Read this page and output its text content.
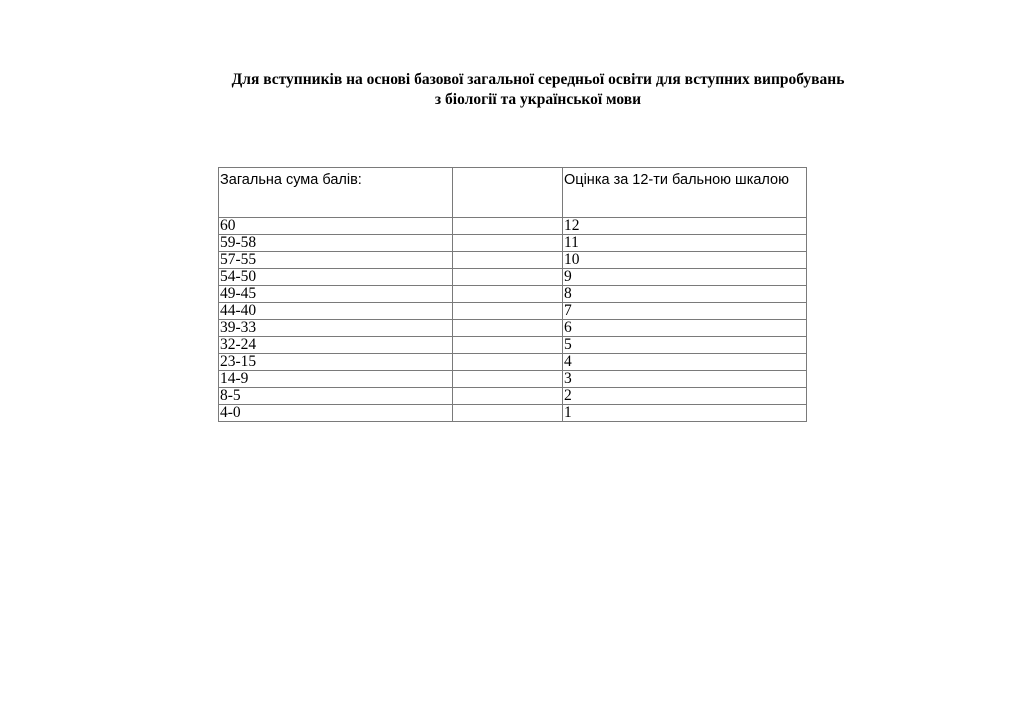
Для вступників на основі базової загальної середньої освіти для вступних випробувань
з біології та української мови
Загальна сума балів:		Оцінка за 12-ти бальною шкалою
60		12
59-58		11
57-55		10
54-50		9
49-45		8
44-40		7
39-33		6
32-24		5
23-15		4
14-9		3
8-5		2
4-0		1
